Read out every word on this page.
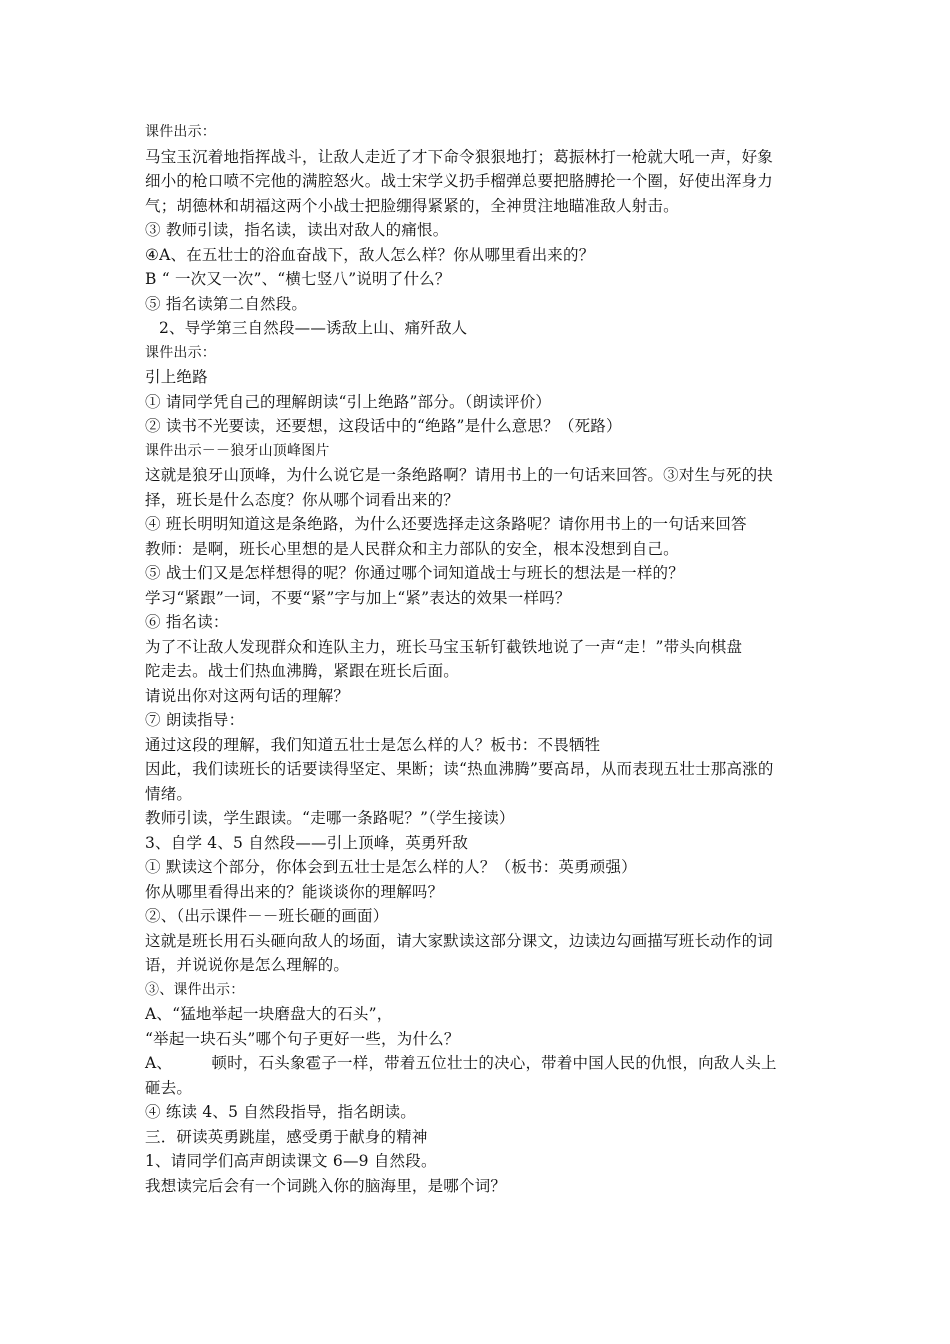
课件出示：
马宝玉沉着地指挥战斗，让敌人走近了才下命令狠狠地打；葛振林打一枪就大吼一声，好象
细小的枪口喷不完他的满腔怒火。战士宋学义扔手榴弹总要把胳膊抡一个圈，好使出浑身力
气；胡德林和胡福这两个小战士把脸绷得紧紧的，全神贯注地瞄准敌人射击。
③ 教师引读，指名读，读出对敌人的痛恨。
④A、在五壮士的浴血奋战下，敌人怎么样？你从哪里看出来的？
B “ 一次又一次”、“横七竖八”说明了什么？
⑤ 指名读第二自然段。
2、导学第三自然段——诱敌上山、痛歼敌人
课件出示：
引上绝路
① 请同学凭自己的理解朗读“引上绝路”部分。（朗读评价）
② 读书不光要读，还要想，这段话中的“绝路”是什么意思？（死路）
课件出示－－狼牙山顶峰图片
这就是狼牙山顶峰，为什么说它是一条绝路啊？请用书上的一句话来回答。③对生与死的抉
择，班长是什么态度？你从哪个词看出来的？
④ 班长明明知道这是条绝路，为什么还要选择走这条路呢？请你用书上的一句话来回答
教师：是啊，班长心里想的是人民群众和主力部队的安全，根本没想到自己。
⑤ 战士们又是怎样想得的呢？你通过哪个词知道战士与班长的想法是一样的？
学习“紧跟”一词，不要“紧”字与加上“紧”表达的效果一样吗？
⑥ 指名读：
为了不让敌人发现群众和连队主力，班长马宝玉斩钉截铁地说了一声“走！”带头向棋盘
陀走去。战士们热血沸腾，紧跟在班长后面。
请说出你对这两句话的理解？
⑦ 朗读指导：
通过这段的理解，我们知道五壮士是怎么样的人？板书：不畏牺牲
因此，我们读班长的话要读得坚定、果断；读“热血沸腾”要高昂，从而表现五壮士那高涨的
情绪。
教师引读，学生跟读。“走哪一条路呢？”（学生接读）
3、自学 4、5 自然段——引上顶峰，英勇歼敌
① 默读这个部分，你体会到五壮士是怎么样的人？（板书：英勇顽强）
你从哪里看得出来的？能谈谈你的理解吗？
②、（出示课件－－班长砸的画面）
这就是班长用石头砸向敌人的场面，请大家默读这部分课文，边读边勾画描写班长动作的词
语，并说说你是怎么理解的。
③、课件出示：
A、“猛地举起一块磨盘大的石头”，
“举起一块石头”哪个句子更好一些，为什么？
A、　　　顿时，石头象雹子一样，带着五位壮士的决心，带着中国人民的仇恨，向敌人头上
砸去。
④ 练读 4、5 自然段指导，指名朗读。
三．研读英勇跳崖，感受勇于献身的精神
1、请同学们高声朗读课文 6—9 自然段。
我想读完后会有一个词跳入你的脑海里，是哪个词？
